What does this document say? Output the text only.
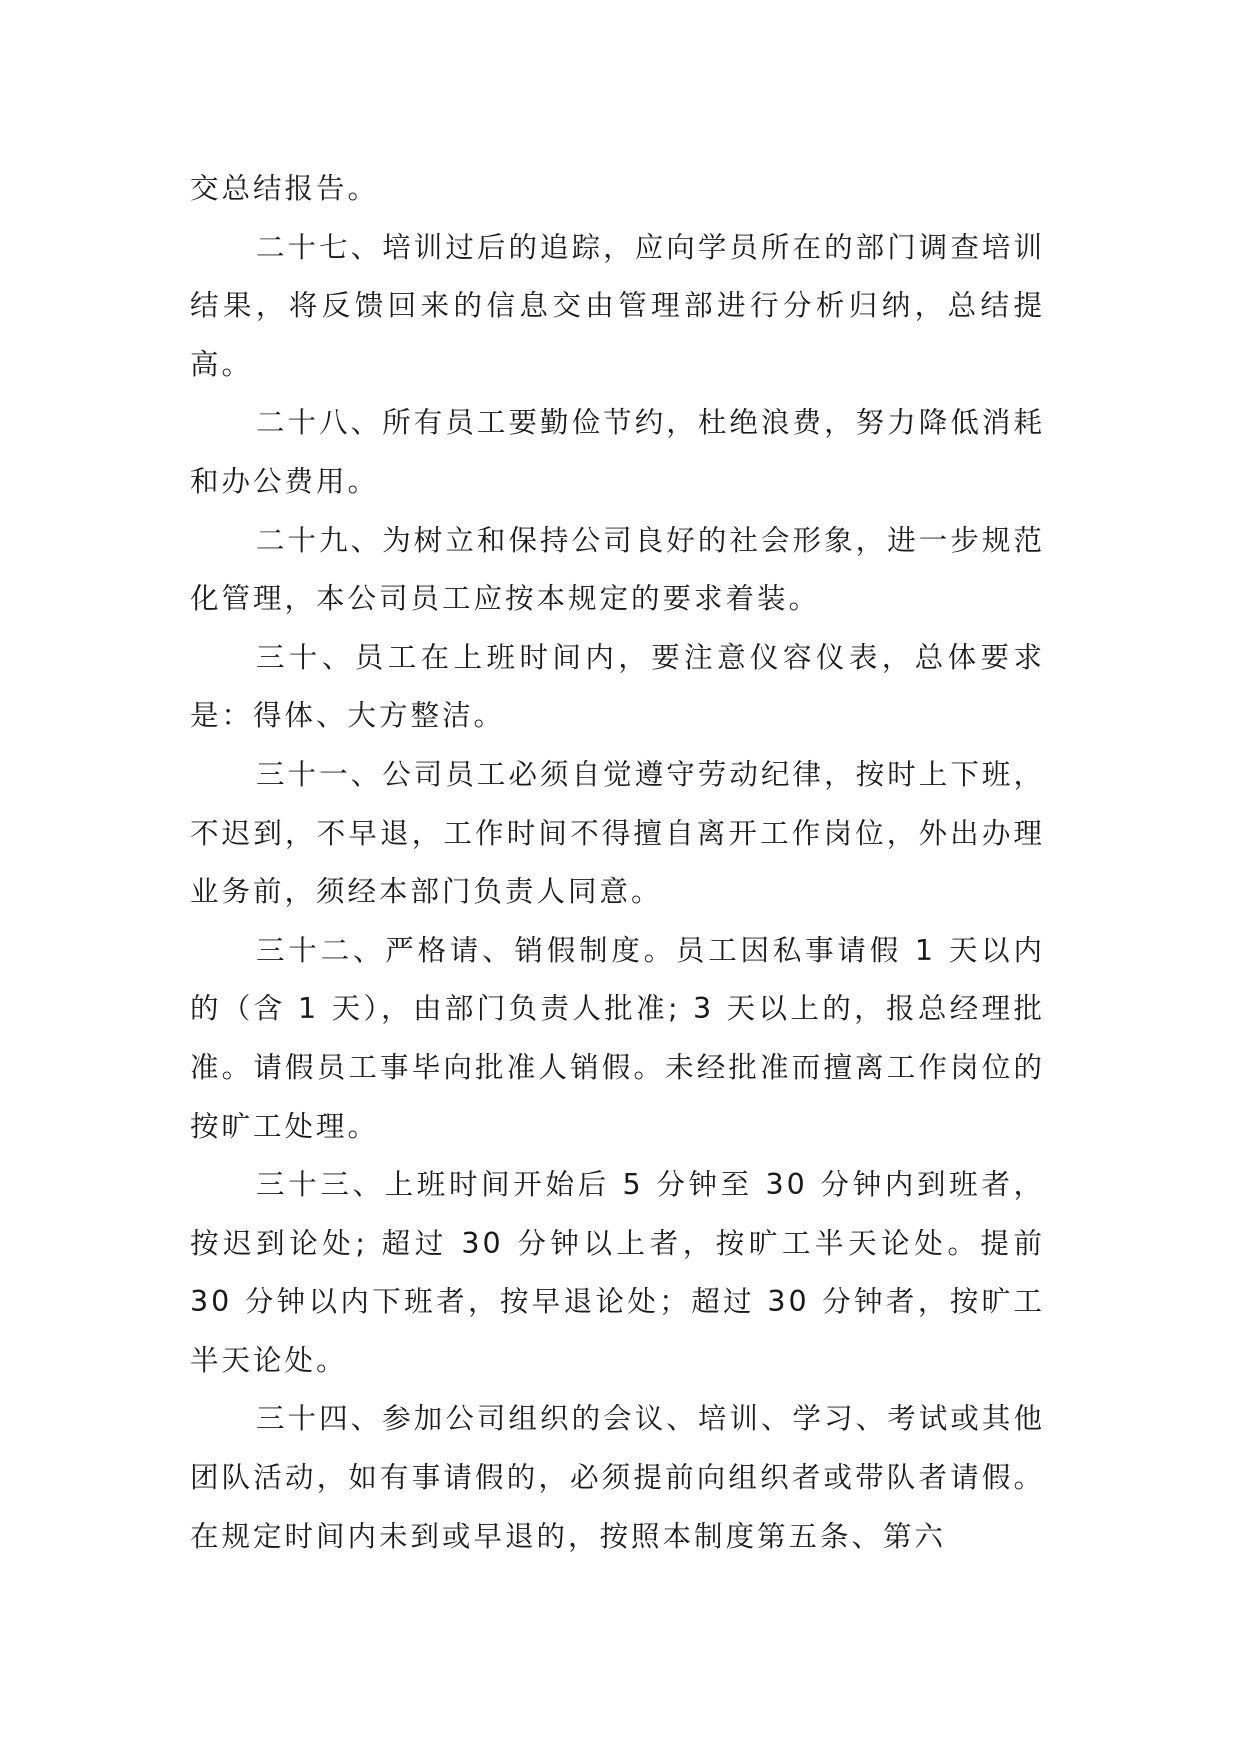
交总结报告。

二十七、培训过后的追踪，应向学员所在的部门调查培训结果，将反馈回来的信息交由管理部进行分析归纳，总结提高。

二十八、所有员工要勤俭节约，杜绝浪费，努力降低消耗和办公费用。

二十九、为树立和保持公司良好的社会形象，进一步规范化管理，本公司员工应按本规定的要求着装。

三十、员工在上班时间内，要注意仪容仪表，总体要求是：得体、大方整洁。

三十一、公司员工必须自觉遵守劳动纪律，按时上下班，不迟到，不早退，工作时间不得擅自离开工作岗位，外出办理业务前，须经本部门负责人同意。

三十二、严格请、销假制度。员工因私事请假 1 天以内的（含 1 天），由部门负责人批准; 3 天以上的，报总经理批准。请假员工事毕向批准人销假。未经批准而擅离工作岗位的按旷工处理。

三十三、上班时间开始后 5 分钟至 30 分钟内到班者，按迟到论处; 超过 30 分钟以上者，按旷工半天论处。提前 30 分钟以内下班者，按早退论处；超过 30 分钟者，按旷工半天论处。

三十四、参加公司组织的会议、培训、学习、考试或其他团队活动，如有事请假的，必须提前向组织者或带队者请假。在规定时间内未到或早退的，按照本制度第五条、第六
